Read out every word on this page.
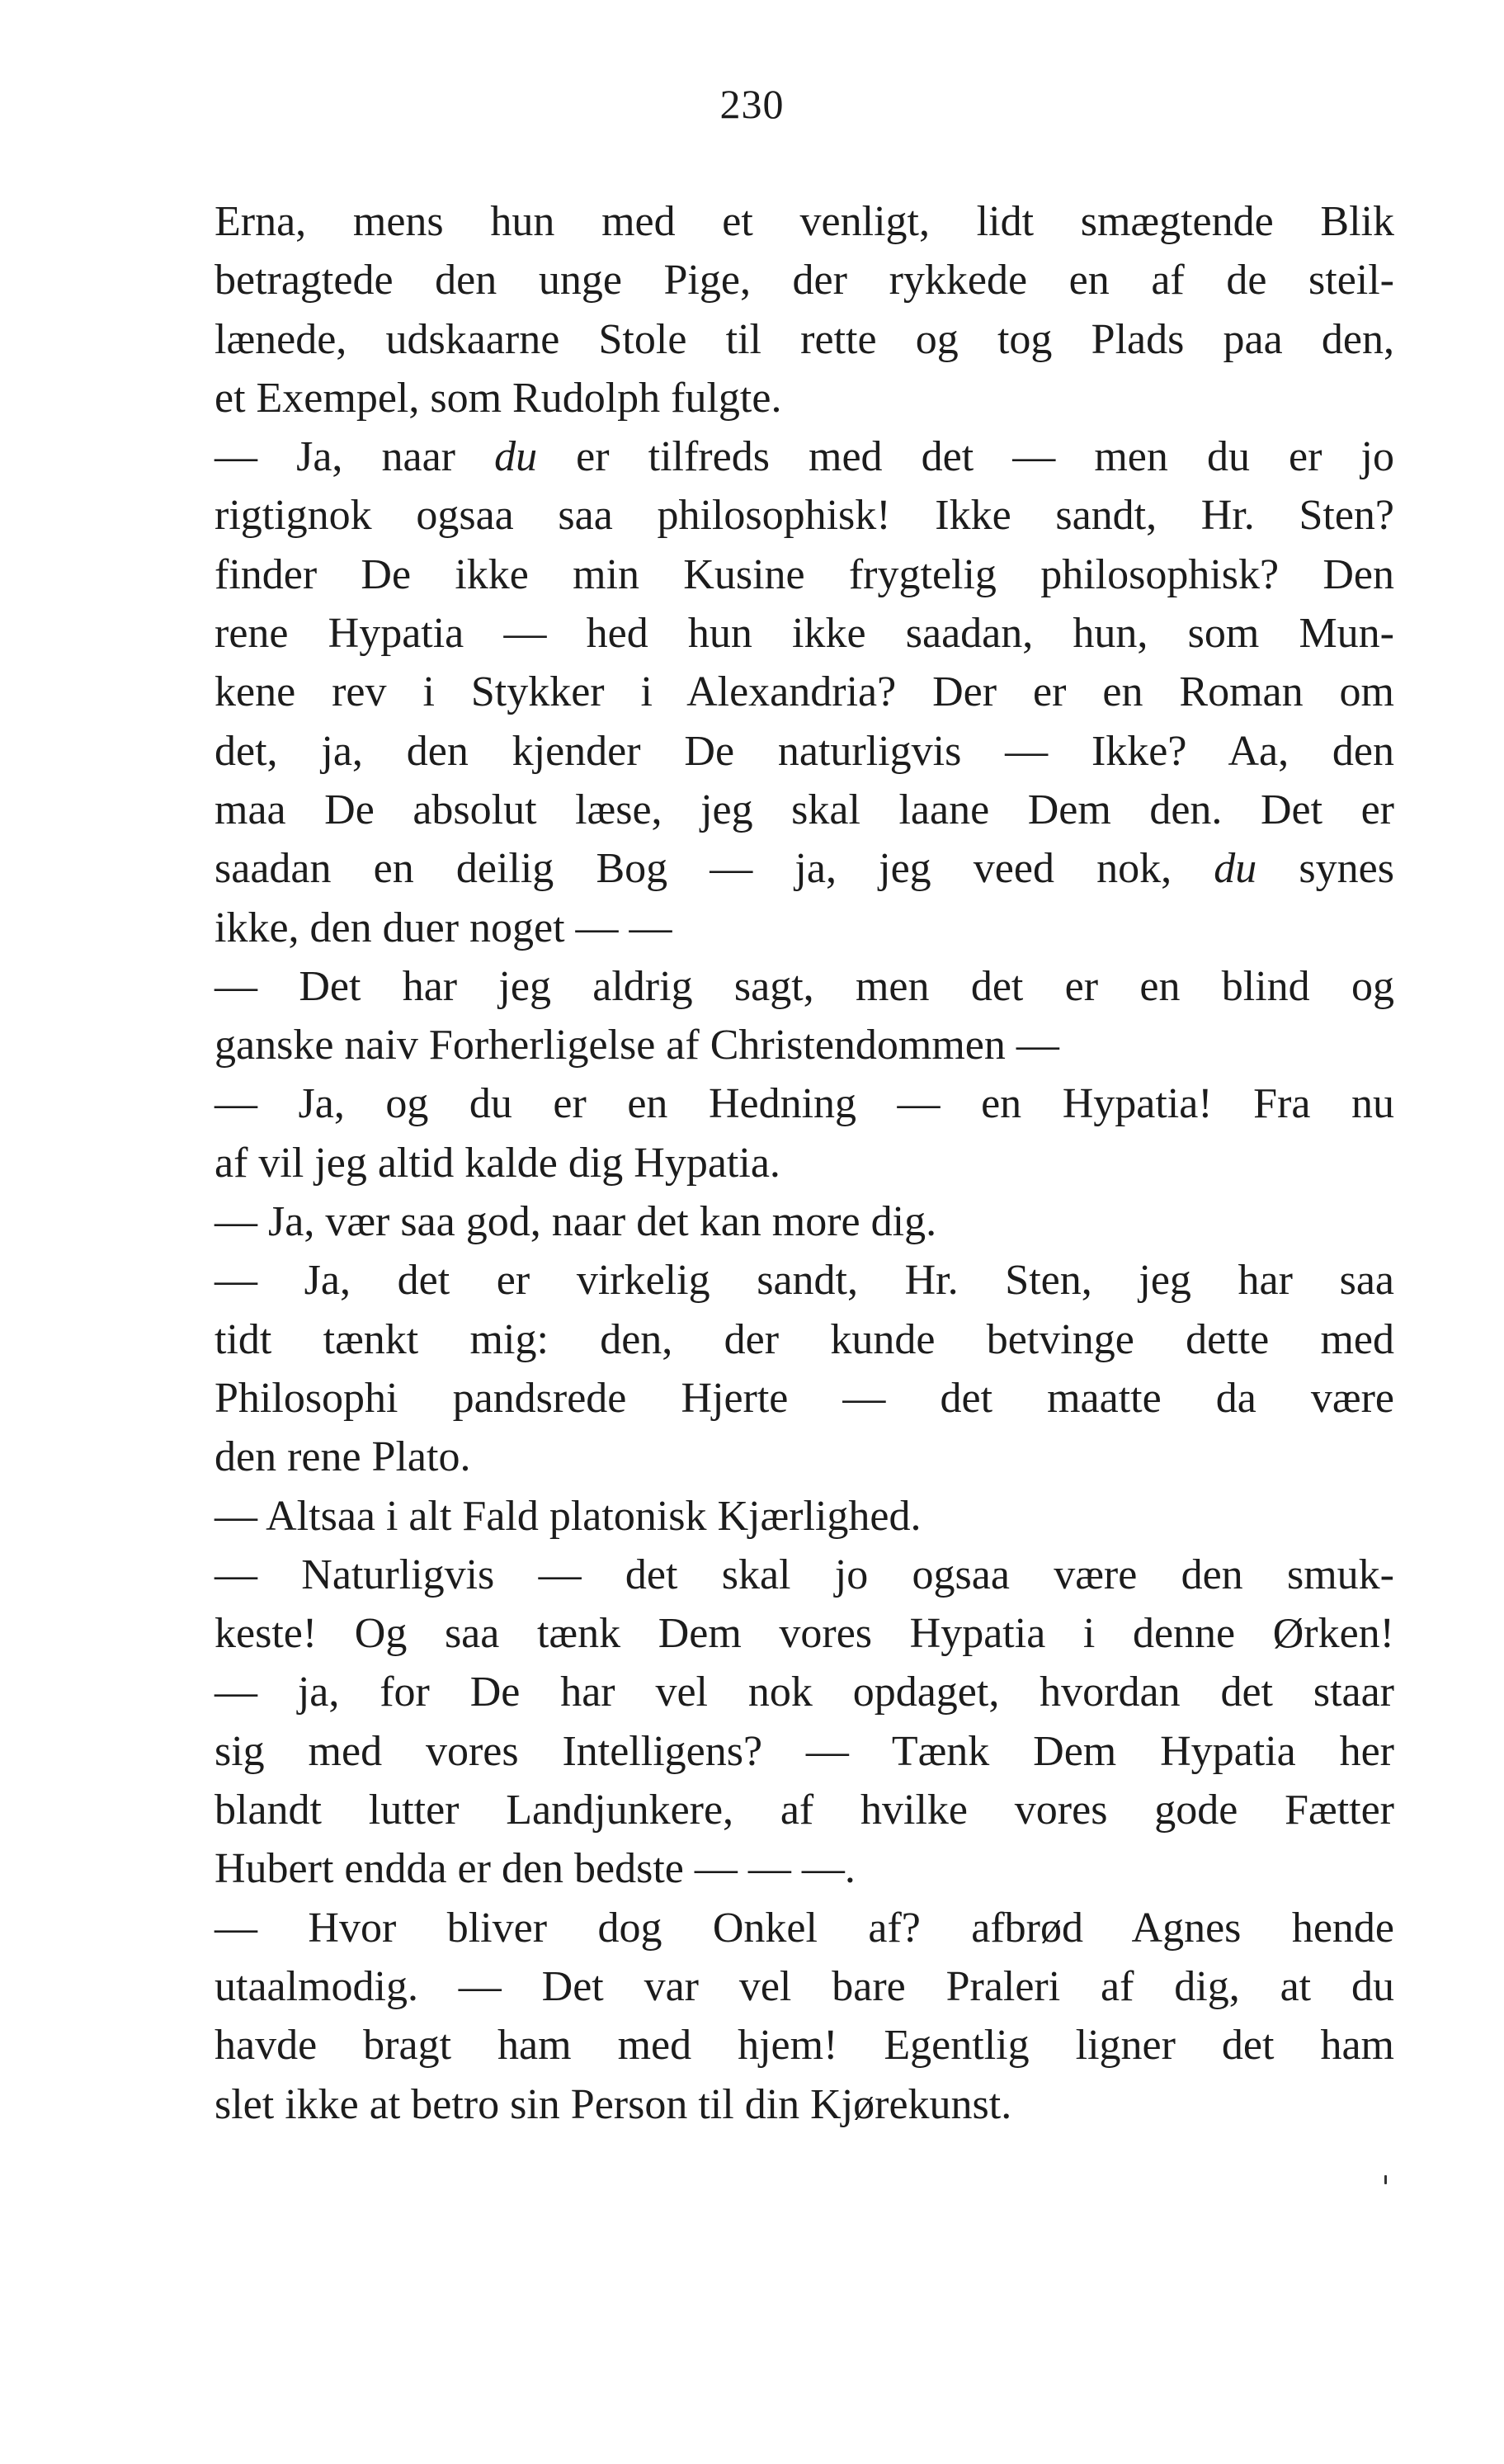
230
Erna, mens hun med et venligt, lidt smægtende Blik
betragtede den unge Pige, der rykkede en af de steil-
lænede, udskaarne Stole til rette og tog Plads paa den,
et Exempel, som Rudolph fulgte.
— Ja, naar du er tilfreds med det — men du er jo
rigtignok ogsaa saa philosophisk! Ikke sandt, Hr. Sten?
finder De ikke min Kusine frygtelig philosophisk? Den
rene Hypatia — hed hun ikke saadan, hun, som Mun-
kene rev i Stykker i Alexandria? Der er en Roman om
det, ja, den kjender De naturligvis — Ikke? Aa, den
maa De absolut læse, jeg skal laane Dem den. Det er
saadan en deilig Bog — ja, jeg veed nok, du synes
ikke, den duer noget — —
— Det har jeg aldrig sagt, men det er en blind og
ganske naiv Forherligelse af Christendommen —
— Ja, og du er en Hedning — en Hypatia! Fra nu
af vil jeg altid kalde dig Hypatia.
— Ja, vær saa god, naar det kan more dig.
— Ja, det er virkelig sandt, Hr. Sten, jeg har saa
tidt tænkt mig: den, der kunde betvinge dette med
Philosophi pandsrede Hjerte — det maatte da være
den rene Plato.
— Altsaa i alt Fald platonisk Kjærlighed.
— Naturligvis — det skal jo ogsaa være den smuk-
keste! Og saa tænk Dem vores Hypatia i denne Ørken!
— ja, for De har vel nok opdaget, hvordan det staar
sig med vores Intelligens? — Tænk Dem Hypatia her
blandt lutter Landjunkere, af hvilke vores gode Fætter
Hubert endda er den bedste — — —.
— Hvor bliver dog Onkel af? afbrød Agnes hende
utaalmodig. — Det var vel bare Praleri af dig, at du
havde bragt ham med hjem! Egentlig ligner det ham
slet ikke at betro sin Person til din Kjørekunst.
